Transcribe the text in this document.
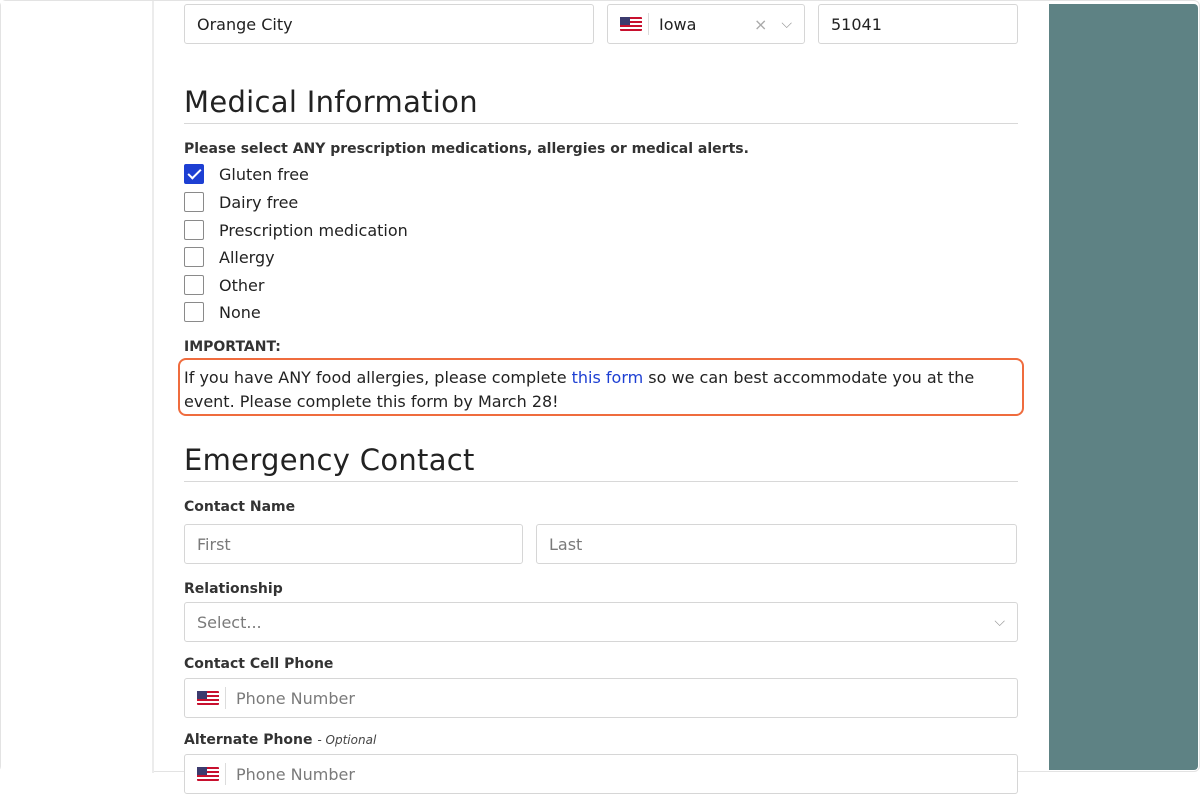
Orange City	Iowa	× ⌵ 51041
Medical Information
Please select ANY prescription medications, allergies or medical alerts.
Gluten free
Dairy free
Prescription medication
Allergy
Other
None
IMPORTANT:
Emergency Contact
Contact Name
First	Last
Relationship
Select...	⌵
Contact Cell Phone
Phone Number
Alternate Phone - Optional
Phone Number
If you have ANY food allergies, please complete this form so we can best accommodate you at the event. Please complete this form by March 28!
